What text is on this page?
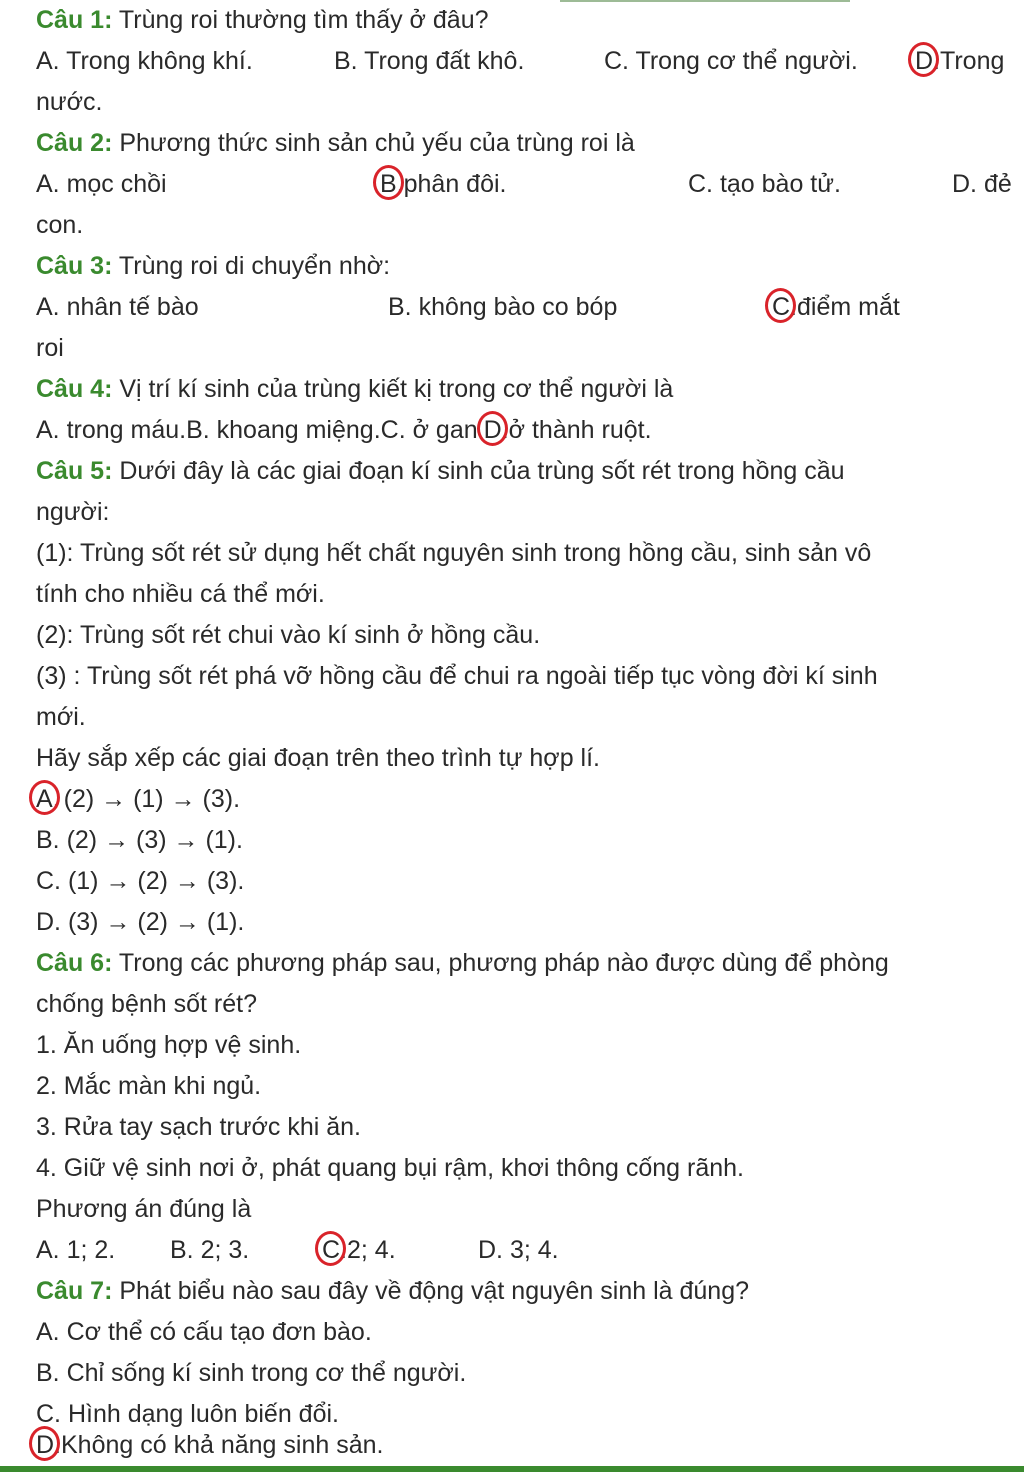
Câu 1: Trùng roi thường tìm thấy ở đâu?
A. Trong không khí.	B. Trong đất khô.	C. Trong cơ thể người. D.Trong
nước.
Câu 2: Phương thức sinh sản chủ yếu của trùng roi là
A. mọc chồi	B.phân đôi.	C. tạo bào tử.	D. đẻ
con.
Câu 3: Trùng roi di chuyển nhờ:
A. nhân tế bào	B. không bào co bóp	C.điểm mắt
roi
Câu 4: Vị trí kí sinh của trùng kiết kị trong cơ thể người là
A. trong máu.B. khoang miệng.C. ở gan D.ở thành ruột.
Câu 5: Dưới đây là các giai đoạn kí sinh của trùng sốt rét trong hồng cầu
người:
(1): Trùng sốt rét sử dụng hết chất nguyên sinh trong hồng cầu, sinh sản vô
tính cho nhiều cá thể mới.
(2): Trùng sốt rét chui vào kí sinh ở hồng cầu.
(3) : Trùng sốt rét phá vỡ hồng cầu để chui ra ngoài tiếp tục vòng đời kí sinh
mới.
Hãy sắp xếp các giai đoạn trên theo trình tự hợp lí.
A. (2) → (1) → (3).
B. (2) → (3) → (1).
C. (1) → (2) → (3).
D. (3) → (2) → (1).
Câu 6: Trong các phương pháp sau, phương pháp nào được dùng để phòng
chống bệnh sốt rét?
1. Ăn uống hợp vệ sinh.
2. Mắc màn khi ngủ.
3. Rửa tay sạch trước khi ăn.
4. Giữ vệ sinh nơi ở, phát quang bụi rậm, khơi thông cống rãnh.
Phương án đúng là
A. 1; 2. B. 2; 3.	C.2; 4.	D. 3; 4.
Câu 7: Phát biểu nào sau đây về động vật nguyên sinh là đúng?
A. Cơ thể có cấu tạo đơn bào.
B. Chỉ sống kí sinh trong cơ thể người.
C. Hình dạng luôn biến đổi.
D.Không có khả năng sinh sản.
